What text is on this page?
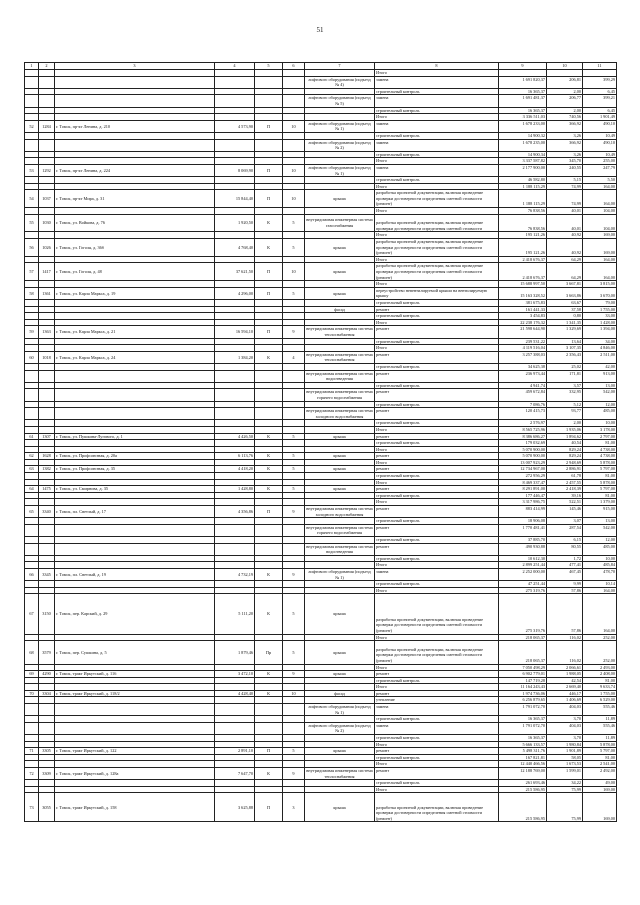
51
1	2	3	4	5	6	7	8	9	10	11
							Итого			
						лифтового оборудования (подъезд № 4)	замена	1 691 820,37	206,81	399,29
							строительный контроль	16 365,37	2,00	6,45
						лифтового оборудования (подъезд № 5)	замена	1 691 481,37	206,77	399,21
							строительный контроль	16 365,37	2,00	6,45
							Итого	3 336 511,03	740,56	1 901,49
52	1284	г. Томск, пр-кт Ленина, д. 210	4 573,90	П	10	лифтового оборудования (подъезд № 1)	замена	1 678 233,00	366,92	490,10
							строительный контроль	14 900,32	3,26	10,49
						лифтового оборудования (подъезд № 2)	замена	1 678 235,00	366,92	490,10
							строительный контроль	14 900,34	3,26	10,49
							Итого	3 337 587,82	345,70	255,00
53	1292	г. Томск, пр-кт Ленина, д. 224	8 069,90	П	10	лифтового оборудования (подъезд № 1)	замена	2 177 900,00	240,55	247,79
							строительный контроль	46 582,80	5,15	5,50
							Итого	1 188 115,29	74,99	164,00
54	1037	г. Томск, пр-кт Мира, д. 31	15 844,40	П	10	крыша	разработка проектной документации, включая проведение проверки достоверности определения сметной стоимости (ремонт)	1 188 115,29	74,99	164,00
							Итого	76 838,56	40,01	104,00
55	1030	г. Томск, ул. Войкова, д. 76	1 920,50	К	5	внутридомовая инженерная система газоснабжения	разработка проектной документации, включая проведение проверки достоверности определения сметной стоимости	76 838,56	40,01	104,00
							Итого	195 121,26	40,92	169,00
56	1026	г. Томск, ул. Гоголя, д. 36б	4 768,40	К	5	крыша	разработка проектной документации, включая проведение проверки достоверности определения сметной стоимости (ремонт)	195 121,26	40,92	169,00
							Итого	2 418 676,37	64,29	164,00
57	1417	г. Томск, ул. Гоголя, д. 48	37 621,50	П	10	крыша	разработка проектной документации, включая проведение проверки достоверности определения сметной стоимости (ремонт)	2 418 676,37	64,29	164,00
							Итого	15 688 997,50	3 667,81	3 815,00
58	1361	г. Томск, ул. Карла Маркса, д. 19	4 296,00	П	5	крыша	переустройство невентилируемой крыши на вентилируемую крышу	15 163 328,52	3 663,86	3 670,00
							строительный контроль	381 675,83	63,67	79,00
						фасад	ремонт	161 441,33	37,58	1 755,00
							строительный контроль	3 454,83	0,80	33,00
							Итого	22 238 176,32	1 341,35	1 428,00
59	1363	г. Томск, ул. Карла Маркса, д. 21	16 594,10	П	9	внутридомовая инженерная система теплоснабжения	ремонт	21 598 644,90	1 329,69	1 394,00
							строительный контроль	239 531,22	13,64	34,00
							Итого	4 119 516,04	3 107,35	4 846,00
60	1018	г. Томск, ул. Карла Маркса, д. 24	1 384,20	К	4	внутридомовая инженерная система теплоснабжения	ремонт	3 257 388,03	2 356,43	2 511,00
							строительный контроль	34 625,38	25,02	42,00
						внутридомовая инженерная система водоотведения	ремонт	236 973,44	171,81	913,00
							строительный контроль	4 941,74	3,57	13,00
						внутридомовая инженерная система горячего водоснабжения	ремонт	459 672,84	332,95	542,00
							строительный контроль	7 086,76	5,12	12,00
						внутридомовая инженерная система холодного водоснабжения	ремонт	120 415,73	93,77	485,00
							строительный контроль	2 576,97	2,00	10,00
							Итого	8 565 725,96	1 935,06	3 178,00
61	1307	г. Томск, ул. Пушкина-Лугового, д. 1	4 426,50	К	5	крыша	ремонт	8 386 686,27	1 894,62	2 797,00
							строительный контроль	179 032,69	40,54	81,00
							Итого	5 070 900,00	829,24	4 738,00
62	1628	г. Томск, ул. Профсоюзная, д. 20а	6 113,76	К	5	крыша	ремонт	5 070 900,00	829,24	4 738,00
							Итого	13 007 923,29	2 948,69	5 878,00
63	1382	г. Томск, ул. Профсоюзная, д. 35	4 418,20	К	5	крыша	ремонт	12 734 967,00	2 886,91	5 797,00
							строительный контроль	272 956,29	61,78	81,00
							Итого	8 469 337,47	2 457,55	5 878,00
64	1475	г. Томск, ул. Смирнова, д. 35	1 428,80	К	5	крыша	ремонт	8 291 891,00	2 418,39	5 797,00
							строительный контроль	177 446,47	39,16	81,00
							Итого	3 317 986,75	522,51	1 379,00
65	3340	г. Томск, пл. Светлый, д. 17	4 356,86	П	9	внутридомовая инженерная система холодного водоснабжения	ремонт	883 414,99	145,46	915,00
							строительный контроль	18 906,08	3,07	13,00
						внутридомовая инженерная система горячего водоснабжения	ремонт	1 770 481,41	287,54	542,00
							строительный контроль	37 885,70	6,15	12,00
						внутридомовая инженерная система водоотведения	ремонт	490 930,88	80,55	485,00
							строительный контроль	10 612,30	1,72	10,00
							Итого	2 899 251,44	477,41	485,84
66	3345	г. Томск, пл. Светлый, д. 19	4 732,19	К	9	лифтового оборудования (подъезд № 1)	замена	2 252 000,00	467,45	478,70
							строительный контроль	47 251,44	9,99	10,14
							Итого	275 319,76	57,86	164,00
67	3150	г. Томск, пер. Карский, д. 29	5 111,20	К	5	крыша	разработка проектной документации, включая проведение проверки достоверности определения сметной стоимости (ремонт)	275 319,76	57,86	164,00
							Итого	218 065,37	116,02	252,00
68	3579	г. Томск, пер. Сушкина, д. 5	1 879,46	Пр	5	крыша	разработка проектной документации, включая проведение проверки достоверности определения сметной стоимости (ремонт)	218 065,37	116,02	252,00
							Итого	7 050 498,29	2 066,61	2 493,00
69	4290	г. Томск, тракт Иркутский, д. 116	3 472,10	К	9	крыша	ремонт	6 902 779,01	1 988,05	2 408,00
							строительный контроль	147 719,28	42,54	81,00
							Итого	11 164 243,43	2 669,40	9 633,74
70	3304	г. Томск, тракт Иркутский, д. 118/2	4 428,40	К	10	фасад	ремонт	1 974 736,06	446,17	1 755,00
							утепление	6 256 879,65	1 406,69	6 529,00
						лифтового оборудования (подъезд № 1)	замена	1 791 072,70	404,03	555,46
							строительный контроль	16 365,37	3,70	11,89
						лифтового оборудования (подъезд № 2)	замена	1 791 072,70	404,03	555,46
							строительный контроль	16 365,37	3,70	11,89
							Итого	5 666 133,57	1 980,84	5 878,00
71	3305	г. Томск, тракт Иркутский, д. 122	2 891,10	П	5	крыша	ремонт	5 498 311,76	1 901,89	5 797,00
							строительный контроль	167 821,81	58,05	81,00
							Итого	12 440 466,56	1 673,53	2 541,00
72	3309	г. Томск, тракт Иркутский, д. 128а	7 647,70	К	9	внутридомовая инженерная система теплоснабжения	ремонт	12 188 769,00	1 599,01	2 492,00
							строительный контроль	261 693,46	34,22	49,00
							Итого	215 586,95	75,99	169,00
73	3055	г. Томск, тракт Иркутский, д. 158	3 625,88	П	3	крыша	разработка проектной документации, включая проведение проверки достоверности определения сметной стоимости (ремонт)	215 586,95	75,99	169,00
